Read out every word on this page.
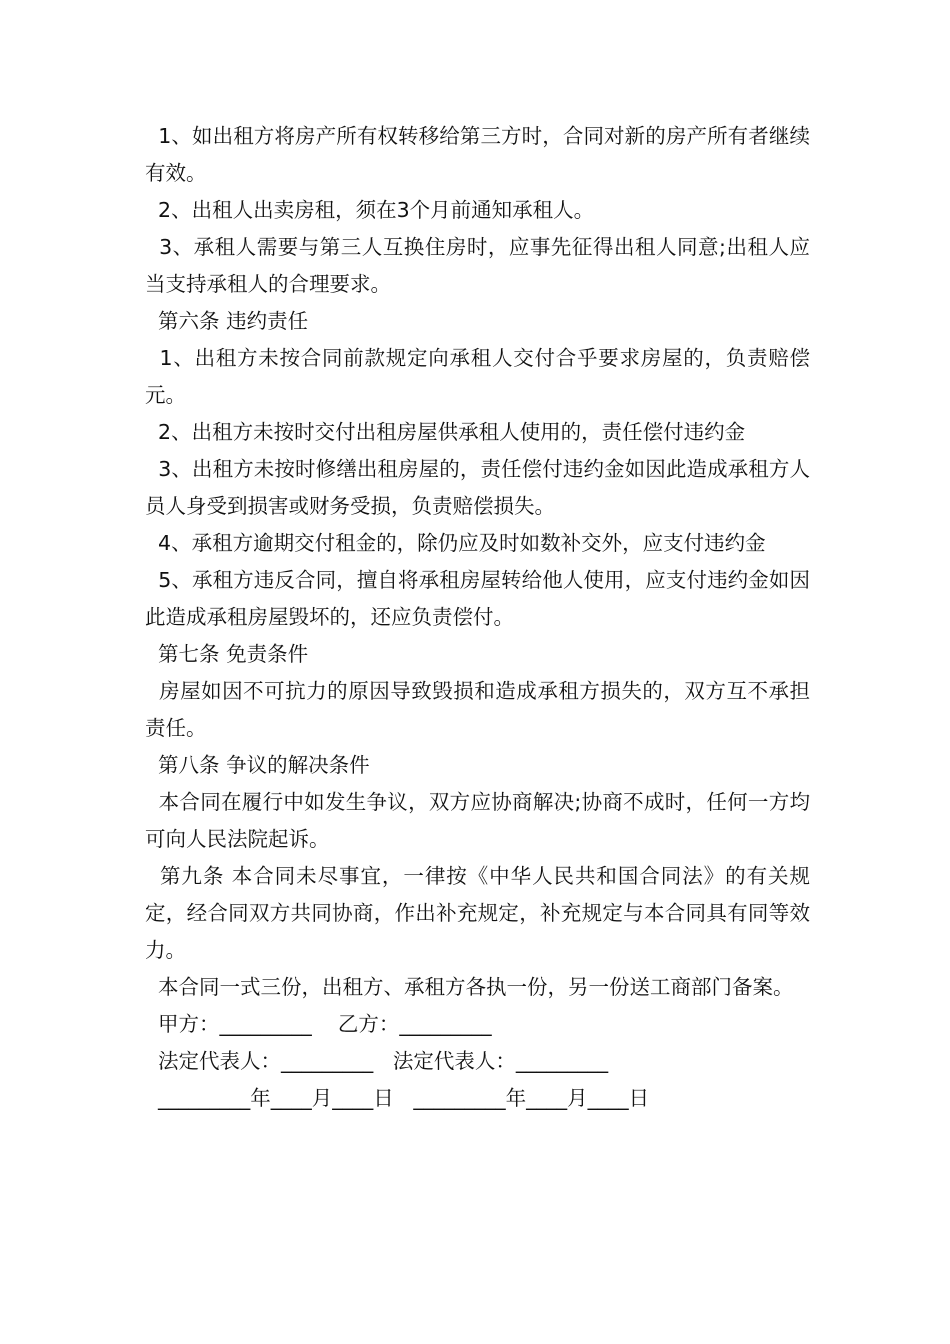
1、如出租方将房产所有权转移给第三方时，合同对新的房产所有者继续有效。

2、出租人出卖房租，须在3个月前通知承租人。

3、承租人需要与第三人互换住房时，应事先征得出租人同意;出租人应当支持承租人的合理要求。

第六条 违约责任

1、出租方未按合同前款规定向承租人交付合乎要求房屋的，负责赔偿 元。

2、出租方未按时交付出租房屋供承租人使用的，责任偿付违约金

3、出租方未按时修缮出租房屋的，责任偿付违约金如因此造成承租方人员人身受到损害或财务受损，负责赔偿损失。

4、承租方逾期交付租金的，除仍应及时如数补交外，应支付违约金

5、承租方违反合同，擅自将承租房屋转给他人使用，应支付违约金如因此造成承租房屋毁坏的，还应负责偿付。

第七条 免责条件

房屋如因不可抗力的原因导致毁损和造成承租方损失的，双方互不承担责任。

第八条 争议的解决条件

本合同在履行中如发生争议，双方应协商解决;协商不成时，任何一方均可向人民法院起诉。

第九条 本合同未尽事宜，一律按《中华人民共和国合同法》的有关规定，经合同双方共同协商，作出补充规定，补充规定与本合同具有同等效力。

本合同一式三份，出租方、承租方各执一份，另一份送工商部门备案。

甲方：_________    乙方：_________

法定代表人：_________   法定代表人：_________

_________年____月____日   _________年____月____日
